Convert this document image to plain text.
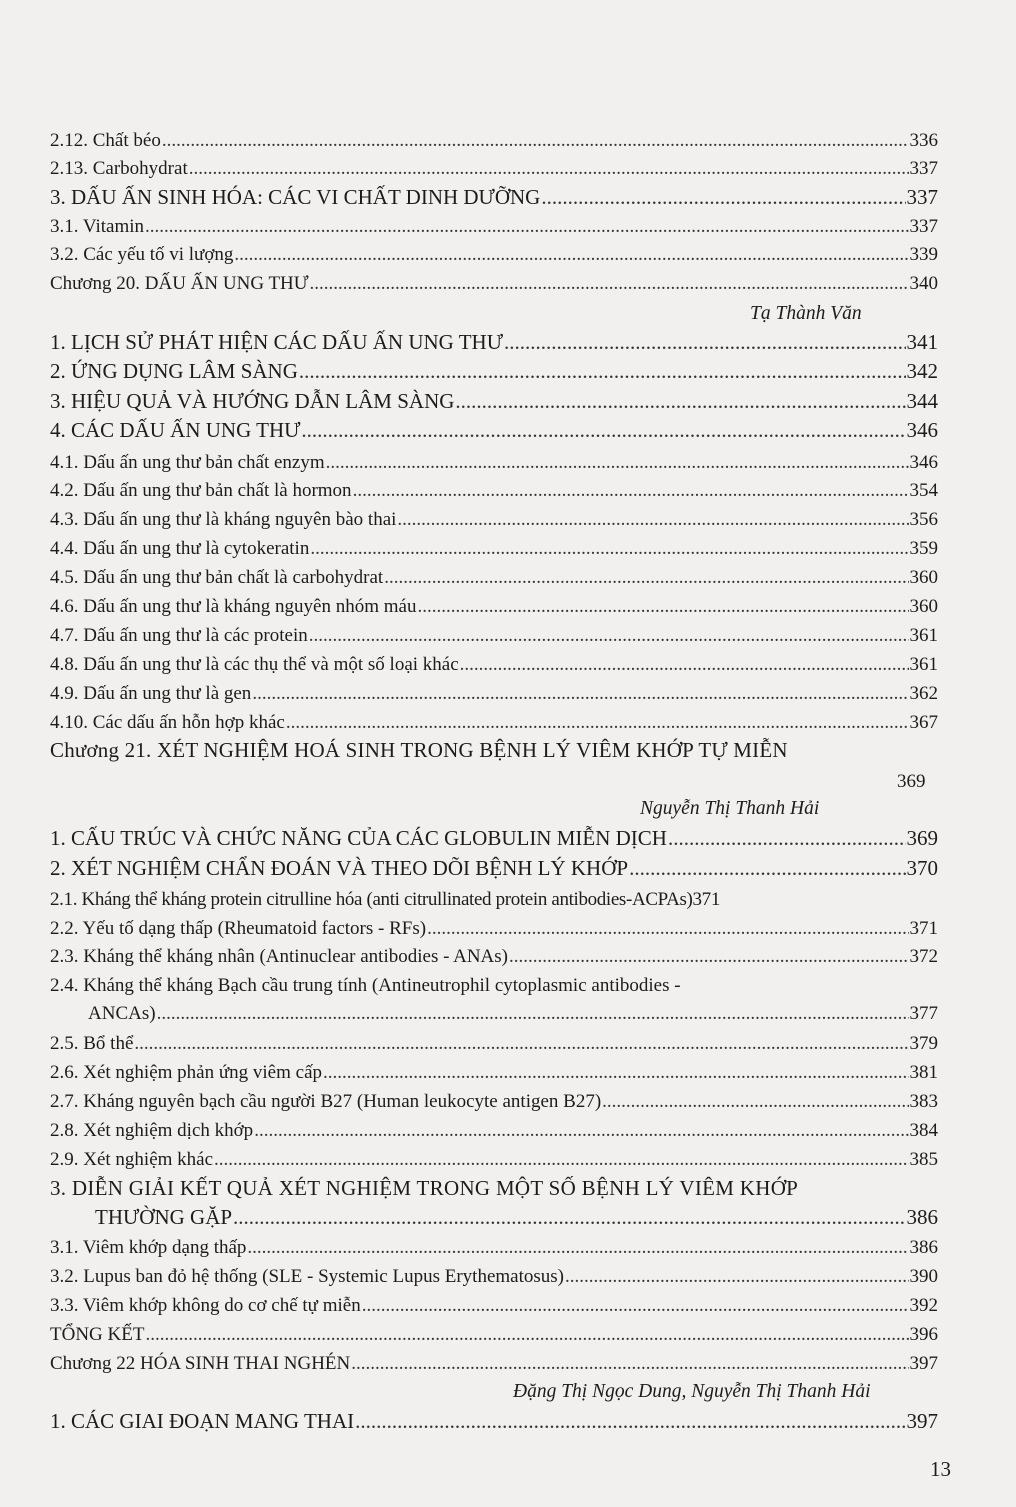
2.12. Chất béo .....	336
2.13. Carbohydrat .....	337
3. DẤU ẤN SINH HÓA: CÁC VI CHẤT DINH DƯỠNG .....	337
3.1. Vitamin .....	337
3.2. Các yếu tố vi lượng .....	339
Chương 20. DẤU ẤN UNG THƯ .....	340
Tạ Thành Văn
1. LỊCH SỬ PHÁT HIỆN CÁC DẤU ẤN UNG THƯ .....	341
2. ỨNG DỤNG LÂM SÀNG .....	342
3. HIỆU QUẢ VÀ HƯỚNG DẪN LÂM SÀNG .....	344
4. CÁC DẤU ẤN UNG THƯ .....	346
4.1. Dấu ấn ung thư bản chất enzym .....	346
4.2. Dấu ấn ung thư bản chất là hormon .....	354
4.3. Dấu ấn ung thư là kháng nguyên bào thai .....	356
4.4. Dấu ấn ung thư là cytokeratin .....	359
4.5. Dấu ấn ung thư bản chất là carbohydrat .....	360
4.6. Dấu ấn ung thư là kháng nguyên nhóm máu .....	360
4.7. Dấu ấn ung thư là các protein .....	361
4.8. Dấu ấn ung thư là các thụ thể và một số loại khác .....	361
4.9. Dấu ấn ung thư là gen .....	362
4.10. Các dấu ấn hỗn hợp khác .....	367
Chương 21. XÉT NGHIỆM HOÁ SINH TRONG BỆNH LÝ VIÊM KHỚP TỰ MIỄN
369
Nguyễn Thị Thanh Hải
1. CẤU TRÚC VÀ CHỨC NĂNG CỦA CÁC GLOBULIN MIỄN DỊCH .....	369
2. XÉT NGHIỆM CHẨN ĐOÁN VÀ THEO DÕI BỆNH LÝ KHỚP .....	370
2.1. Kháng thể kháng protein citrulline hóa (anti citrullinated protein antibodies-ACPAs) 371
2.2. Yếu tố dạng thấp (Rheumatoid factors - RFs) .....	371
2.3. Kháng thể kháng nhân (Antinuclear antibodies - ANAs) .....	372
2.4. Kháng thể kháng Bạch cầu trung tính (Antineutrophil cytoplasmic antibodies -
ANCAs) .....	377
2.5. Bổ thể .....	379
2.6. Xét nghiệm phản ứng viêm cấp .....	381
2.7. Kháng nguyên bạch cầu người B27 (Human leukocyte antigen B27) .....	383
2.8. Xét nghiệm dịch khớp .....	384
2.9. Xét nghiệm khác .....	385
3. DIỄN GIẢI KẾT QUẢ XÉT NGHIỆM TRONG MỘT SỐ BỆNH LÝ VIÊM KHỚP
THƯỜNG GẶP .....	386
3.1. Viêm khớp dạng thấp .....	386
3.2. Lupus ban đỏ hệ thống (SLE - Systemic Lupus Erythematosus) .....	390
3.3. Viêm khớp không do cơ chế tự miễn .....	392
TỔNG KẾT .....	396
Chương 22 HÓA SINH THAI NGHÉN .....	397
Đặng Thị Ngọc Dung, Nguyễn Thị Thanh Hải
1. CÁC GIAI ĐOẠN MANG THAI .....	397
13
